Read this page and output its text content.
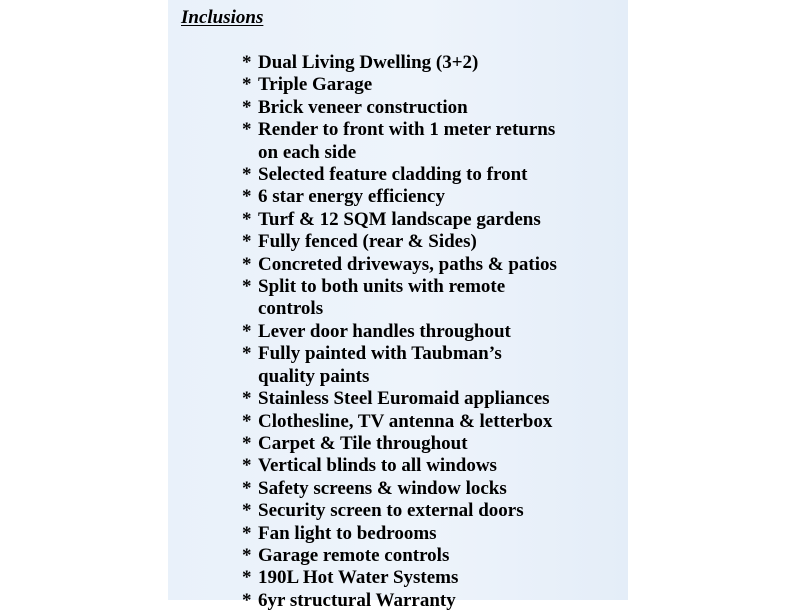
Inclusions
* Dual Living Dwelling (3+2)
* Triple Garage
* Brick veneer construction
* Render to front with 1 meter returns
on each side
* Selected feature cladding to front
* 6 star energy efficiency
* Turf & 12 SQM landscape gardens
* Fully fenced (rear & Sides)
* Concreted driveways, paths & patios
* Split to both units with remote
controls
* Lever door handles throughout
* Fully painted with Taubman’s
quality paints
* Stainless Steel Euromaid appliances
* Clothesline, TV antenna & letterbox
* Carpet & Tile throughout
* Vertical blinds to all windows
* Safety screens & window locks
* Security screen to external doors
* Fan light to bedrooms
* Garage remote controls
* 190L Hot Water Systems
* 6yr structural Warranty
